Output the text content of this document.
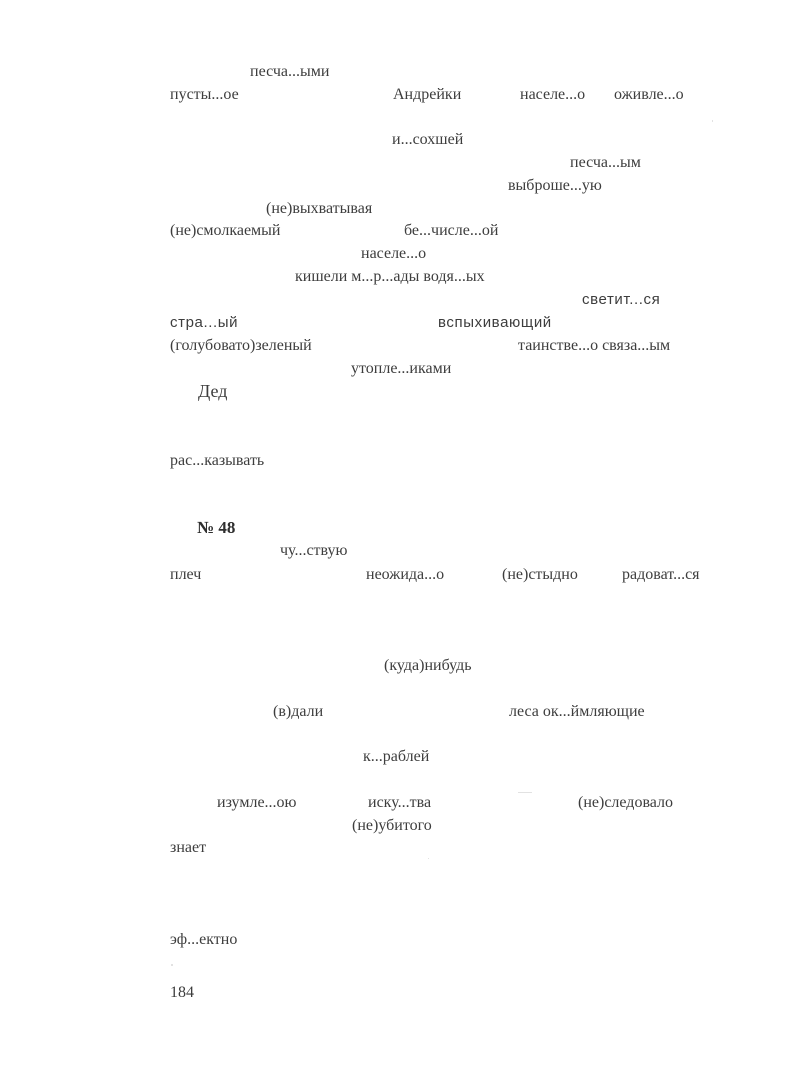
песча...ыми
пусты...ое	Андрейки	населе...о оживле...о
и...сохшей
песча...ым
выброше...ую
(не)выхватывая
(не)смолкаемый	бе...числе...ой
населе...о
кишели м...р...ады водя...ых
светит...ся
стра...ый	вспыхивающий
(голубовато)зеленый	таинстве...о связа...ым
утопле...иками
Дед
рас...казывать
№ 48
чу...ствую
плеч	неожида...о	(не)стыдно	радоват...ся
(куда)нибудь
(в)дали	леса ок...ймляющие
к...раблей
изумле...ою	иску...тва	(не)следовало
(не)убитого
знает
эф...ектно
184
